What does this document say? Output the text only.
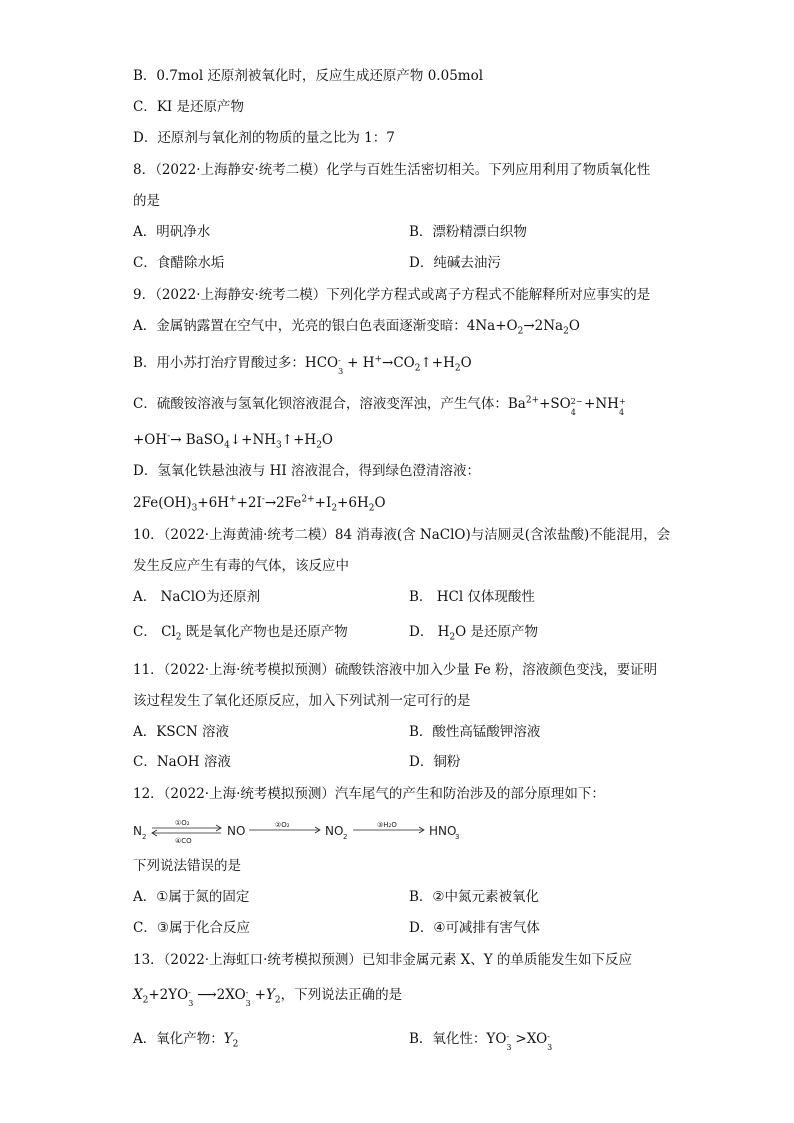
B．0.7mol 还原剂被氧化时，反应生成还原产物 0.05mol
C．KI 是还原产物
D．还原剂与氧化剂的物质的量之比为 1：7
8．（2022·上海静安·统考二模）化学与百姓生活密切相关。下列应用利用了物质氧化性
的是
A．明矾净水	B．漂粉精漂白织物
C．食醋除水垢	D．纯碱去油污
9．（2022·上海静安·统考二模）下列化学方程式或离子方程式不能解释所对应事实的是
A．金属钠露置在空气中，光亮的银白色表面逐渐变暗：$4Na+O_2\to 2Na_2O$
B．用小苏打治疗胃酸过多：HCO -
$3 + H^+\to CO_2↑+H_2O$
C．硫酸铵溶液与氢氧化钡溶液混合，溶液变浑浊，产生气体：$Ba^{2+}+SO$ 2−
4 +NH +
4
$+OH^-\to BaSO_4↓+NH_3↑+H_2O$
D．氢氧化铁悬浊液与 HI 溶液混合，得到绿色澄清溶液：
$2Fe(OH)_3+6H^++2I^-\to 2Fe^{2+}+I_2+6H_2O$
10．（2022·上海黄浦·统考二模）84 消毒液(含 NaClO)与洁厕灵(含浓盐酸)不能混用，会
发生反应产生有毒的气体，该反应中
A． NaClO为还原剂	B． HCl 仅体现酸性
C． $Cl_2$ 既是氧化产物也是还原产物	D． $H_2O$ 是还原产物
11．（2022·上海·统考模拟预测）硫酸铁溶液中加入少量 Fe 粉，溶液颜色变浅，要证明
该过程发生了氧化还原反应，加入下列试剂一定可行的是
A．KSCN 溶液	B．酸性高锰酸钾溶液
C．NaOH 溶液	D．铜粉
12．（2022·上海·统考模拟预测）汽车尾气的产生和防治涉及的部分原理如下：
N 2
①O₂
④CO
NO	②O₂	NO 2
③H₂O	HNO
3
下列说法错误的是
A．①属于氮的固定	B．②中氮元素被氧化
C．③属于化合反应	D．④可减排有害气体
13．（2022·上海虹口·统考模拟预测）已知非金属元素 X、Y 的单质能发生如下反应
$X_2+2YO$ -
3 ⟶2XO -
$3 +Y_2$，下列说法正确的是
A．氧化产物：$Y_2$	B．氧化性：YO -
3 >XO -
3
